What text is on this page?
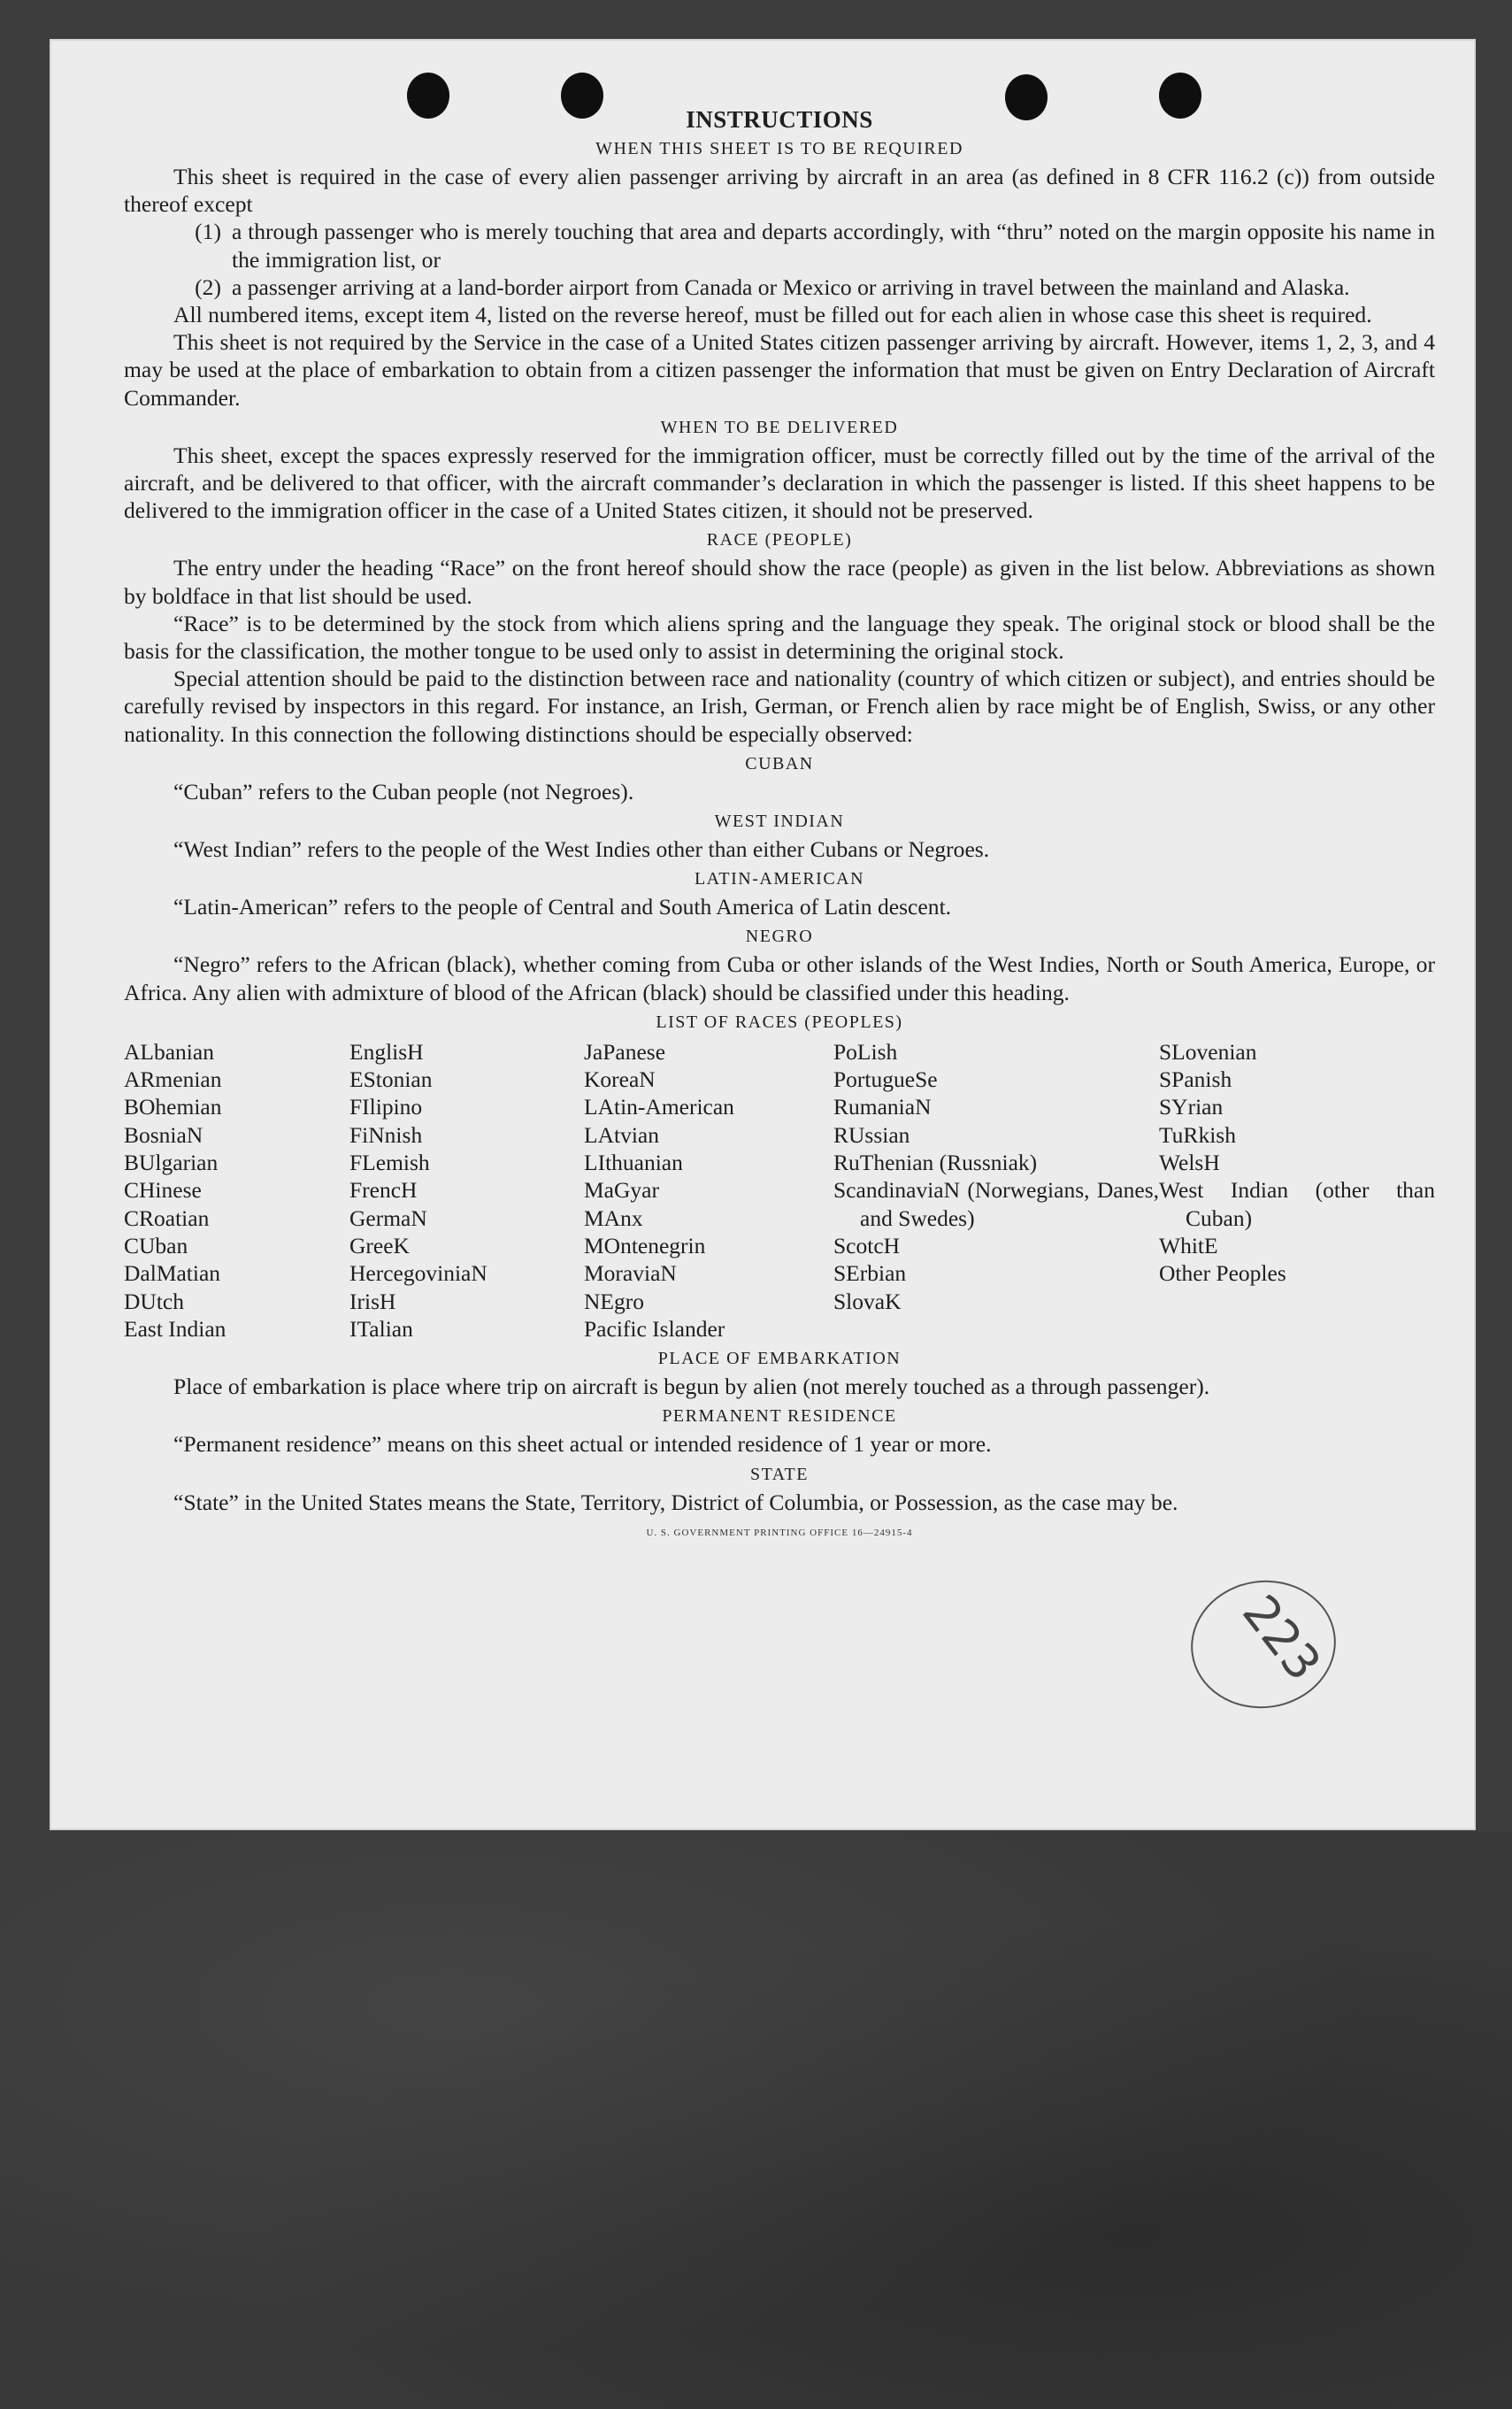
223
INSTRUCTIONS
WHEN THIS SHEET IS TO BE REQUIRED

This sheet is required in the case of every alien passenger arriving by aircraft in an area (as defined in 8 CFR 116.2 (c)) from outside thereof except

(1) a through passenger who is merely touching that area and departs accordingly, with “thru” noted on the margin opposite his name in the immigration list, or
(2) a passenger arriving at a land-border airport from Canada or Mexico or arriving in travel between the mainland and Alaska.

All numbered items, except item 4, listed on the reverse hereof, must be filled out for each alien in whose case this sheet is required.

This sheet is not required by the Service in the case of a United States citizen passenger arriving by aircraft. However, items 1, 2, 3, and 4 may be used at the place of embarkation to obtain from a citizen passenger the information that must be given on Entry Declaration of Aircraft Commander.

WHEN TO BE DELIVERED

This sheet, except the spaces expressly reserved for the immigration officer, must be correctly filled out by the time of the arrival of the aircraft, and be delivered to that officer, with the aircraft commander’s declaration in which the passenger is listed. If this sheet happens to be delivered to the immigration officer in the case of a United States citizen, it should not be preserved.

RACE (PEOPLE)

The entry under the heading “Race” on the front hereof should show the race (people) as given in the list below. Abbreviations as shown by boldface in that list should be used.

“Race” is to be determined by the stock from which aliens spring and the language they speak. The original stock or blood shall be the basis for the classification, the mother tongue to be used only to assist in determining the original stock.

Special attention should be paid to the distinction between race and nationality (country of which citizen or subject), and entries should be carefully revised by inspectors in this regard. For instance, an Irish, German, or French alien by race might be of English, Swiss, or any other nationality. In this connection the following distinctions should be especially observed:

CUBAN

“Cuban” refers to the Cuban people (not Negroes).

WEST INDIAN

“West Indian” refers to the people of the West Indies other than either Cubans or Negroes.

LATIN-AMERICAN

“Latin-American” refers to the people of Central and South America of Latin descent.

NEGRO

“Negro” refers to the African (black), whether coming from Cuba or other islands of the West Indies, North or South America, Europe, or Africa. Any alien with admixture of blood of the African (black) should be classified under this heading.

LIST OF RACES (PEOPLES)
ALbanian
ARmenian
BOhemian
BosniaN
BUlgarian
CHinese
CRoatian
CUban
DalMatian
DUtch
East Indian
EnglisH
EStonian
FIlipino
FiNnish
FLemish
FrencH
GermaN
GreeK
HercegoviniaN
IrisH
ITalian
JaPanese
KoreaN
LAtin-American
LAtvian
LIthuanian
MaGyar
MAnx
MOntenegrin
MoraviaN
NEgro
Pacific Islander
PoLish
PortugueSe
RumaniaN
RUssian
RuThenian (Russniak)
ScandinaviaN (Norwegians, Danes, and Swedes)
ScotcH
SErbian
SlovaK
SLovenian
SPanish
SYrian
TuRkish
WelsH
West Indian (other than Cuban)
WhitE
Other Peoples
PLACE OF EMBARKATION

Place of embarkation is place where trip on aircraft is begun by alien (not merely touched as a through passenger).

PERMANENT RESIDENCE

“Permanent residence” means on this sheet actual or intended residence of 1 year or more.

STATE

“State” in the United States means the State, Territory, District of Columbia, or Possession, as the case may be.

U. S. GOVERNMENT PRINTING OFFICE 16—24915-4
